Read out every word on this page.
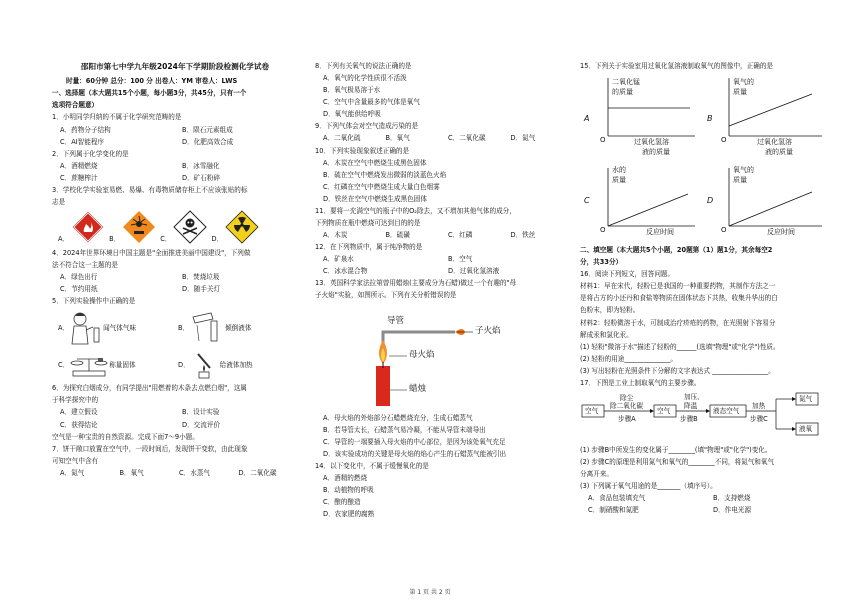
邵阳市第七中学九年级2024年下学期阶段检测化学试卷
时量：60分钟 总分：100 分 出卷人：YM 审卷人：LWS
一、选择题（本大题共15个小题，每小题3分，共45分，只有一个
选项符合题意）
1．小明同学归纳的不属于化学研究范畴的是
A．药物分子结构	B．陨石元素组成
C．AI智能程序	D．化肥高效合成
2．下列属于化学变化的是
A．酒精燃烧	B．冰雪融化
C．蔗糖榨汁	D．矿石粉碎
3．学校化学实验室易燃、易爆、有毒物质储存柜上不应该张贴的标
志是
A．	B．	C．	D．
4．2024年世界环境日中国主题是"全面推进美丽中国建设"，下列做
法不符合这一主题的是
A．绿色出行	B．焚烧垃圾
C．节约用纸	D．随手关灯
5．下列实验操作中正确的是
A．	闻气体气味	B．	倾倒液体
C．	称量固体	D．	给液体加热
6．为探究白烟成分，有同学提出"用燃着的木条去点燃白烟"，这属
于科学探究中的
A．建立假设	B．设计实验
C．获得结论	D．交流评价
空气是一种宝贵的自然资源。完成下面7～9小题。
7．饼干敞口放置在空气中，一段时间后，发现饼干变软，由此现象
可知空气中含有
A．氮气	B．氧气	C．水蒸气	D．二氧化碳
8．下列有关氧气的说法正确的是
A．氧气的化学性质很不活泼
B．氧气极易溶于水
C．空气中含量最多的气体是氧气
D．氧气能供给呼吸
9．下列气体会对空气造成污染的是
A．二氧化硫	B．氧气	C．二氧化碳	D．氮气
10．下列实验现象叙述正确的是
A．木炭在空气中燃烧生成黑色固体
B．硫在空气中燃烧发出微弱的淡蓝色火焰
C．红磷在空气中燃烧生成大量白色烟雾
D．铁丝在空气中燃烧生成黑色固体
11．要将一充满空气的瓶子中的O₂除去，又不增加其他气体的成分，
下列物质在瓶中燃烧可达到目的的是
A．木炭	B．硫磺	C．红磷	D．铁丝
12．在下列物质中，属于纯净物的是
A．矿泉水	B．空气
C．冰水混合物	D．过氧化氢溶液
13．英国科学家法拉第曾用蜡烛(主要成分为石蜡)做过一个有趣的"母
子火焰"实验，如图所示。下列有关分析错误的是
导管
子火焰
母火焰
蜡烛
A．母火焰的外焰部分石蜡燃烧充分，生成石蜡蒸气
B．若导管太长，石蜡蒸气易冷凝，不能从导管末端导出
C．导管的一端要插入母火焰的中心部位，是因为该处氧气充足
D．该实验成功的关键是母火焰的焰心产生的石蜡蒸气能被引出
14．以下变化中，不属于缓慢氧化的是
A．酒精的燃烧
B．动植物的呼吸
C．酿的酿造
D．农家肥的腐熟
15．下列关于实验室用过氧化氢溶液制取氧气的图像中，正确的是
A
二氧化锰
的质量
O	过氧化氢溶
液的质量
B
氧气的
质量
O	过氧化氢溶
液的质量
C
水的
质量
O	反应时间
D
氧气的
质量
O	反应时间
二、填空题（本大题共5个小题，20题第（1）题1分，其余每空2
分，共33分）
16．阅读下列短文，回答问题。
材料1：早在宋代，轻粉已是我国的一种重要药物，其制作方法之一
是将占方的小还丹和食盐等物质在固体状态下共热，收集升华出的白
色粉末，即为轻粉。
材料2：轻粉微溶于水，可制成治疗疥疮的药物，在光照射下容易分
解成汞和氯化汞。
(1) 轻粉"微溶于水"描述了轻粉的______(选填"物理"或"化学")性质。
(2) 轻粉的用途______________。
(3) 写出轻粉在光照条件下分解的文字表达式 _________________。
17．下图是工业上制取氧气的主要步骤。
空气
除尘
除二氧化碳
步骤A
空气
加压、
降温
步骤B
液态空气
加热
步骤C
氮气
液氧
(1) 步骤B中所发生的变化属于________(填"物理"或"化学")变化。
(2) 步骤C的原理是利用氮气和氧气的________不同，将氮气和氧气
分离开来。
(3) 下列属于氧气用途的是_______（填序号）。
A．食品包装填充气	B．支持燃烧
C．制硝酸和氮肥	D．作电光源
第 1 页 共 2 页
